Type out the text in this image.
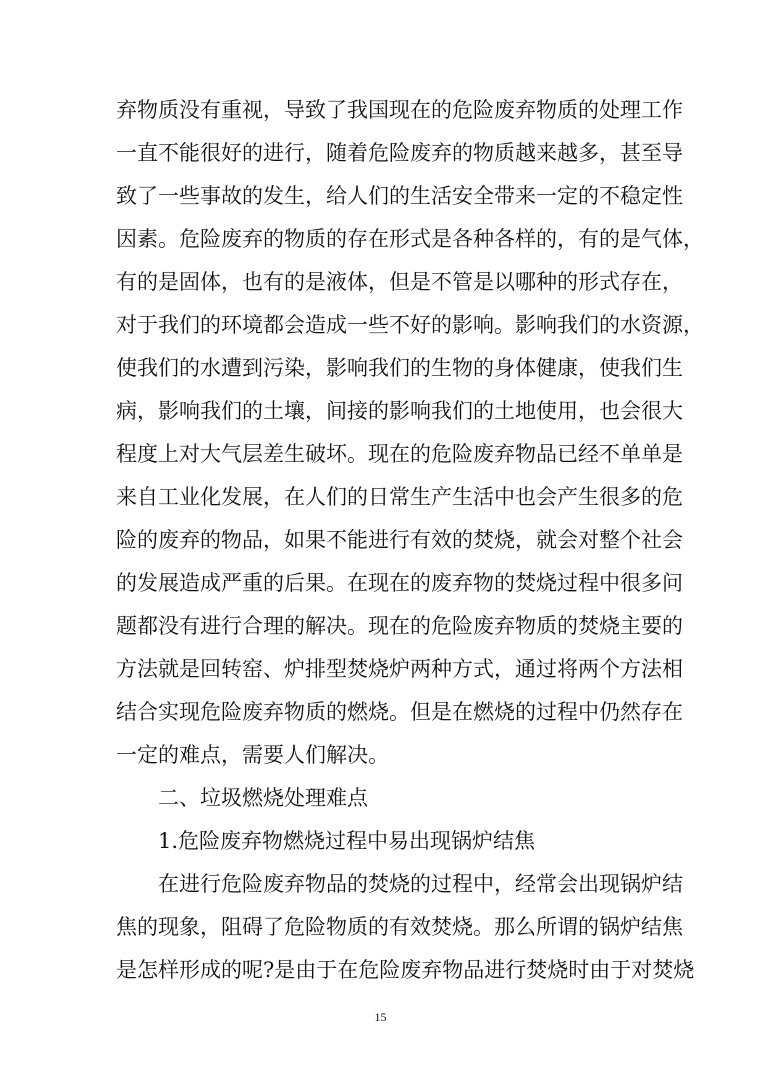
弃物质没有重视，导致了我国现在的危险废弃物质的处理工作
一直不能很好的进行，随着危险废弃的物质越来越多，甚至导
致了一些事故的发生，给人们的生活安全带来一定的不稳定性
因素。危险废弃的物质的存在形式是各种各样的，有的是气体，
有的是固体，也有的是液体，但是不管是以哪种的形式存在，
对于我们的环境都会造成一些不好的影响。影响我们的水资源，
使我们的水遭到污染，影响我们的生物的身体健康，使我们生
病，影响我们的土壤，间接的影响我们的土地使用，也会很大
程度上对大气层差生破坏。现在的危险废弃物品已经不单单是
来自工业化发展，在人们的日常生产生活中也会产生很多的危
险的废弃的物品，如果不能进行有效的焚烧，就会对整个社会
的发展造成严重的后果。在现在的废弃物的焚烧过程中很多问
题都没有进行合理的解决。现在的危险废弃物质的焚烧主要的
方法就是回转窑、炉排型焚烧炉两种方式，通过将两个方法相
结合实现危险废弃物质的燃烧。但是在燃烧的过程中仍然存在
一定的难点，需要人们解决。
二、垃圾燃烧处理难点
1.危险废弃物燃烧过程中易出现锅炉结焦
在进行危险废弃物品的焚烧的过程中，经常会出现锅炉结
焦的现象，阻碍了危险物质的有效焚烧。那么所谓的锅炉结焦
是怎样形成的呢?是由于在危险废弃物品进行焚烧时由于对焚烧
15
